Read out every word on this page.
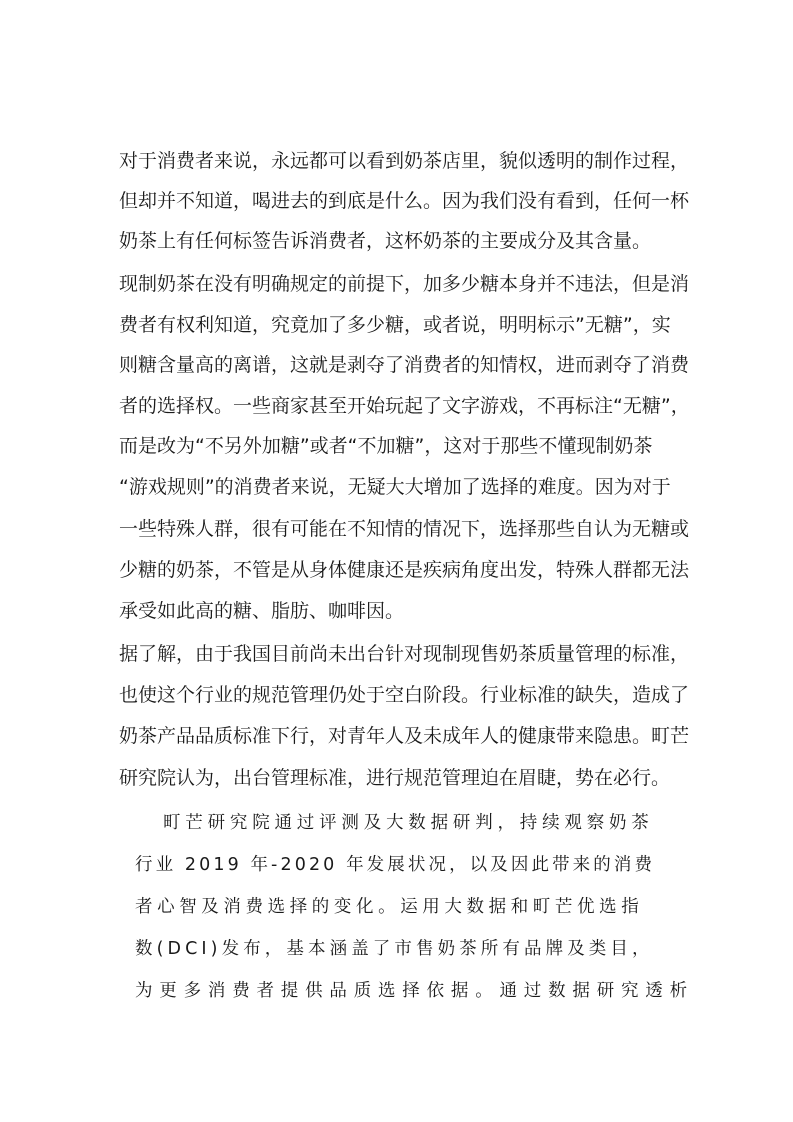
对于消费者来说，永远都可以看到奶茶店里，貌似透明的制作过程，

但却并不知道，喝进去的到底是什么。因为我们没有看到，任何一杯

奶茶上有任何标签告诉消费者，这杯奶茶的主要成分及其含量。

现制奶茶在没有明确规定的前提下，加多少糖本身并不违法，但是消

费者有权利知道，究竟加了多少糖，或者说，明明标示”无糖”，实

则糖含量高的离谱，这就是剥夺了消费者的知情权，进而剥夺了消费

者的选择权。一些商家甚至开始玩起了文字游戏，不再标注“无糖”，

而是改为“不另外加糖”或者“不加糖”，这对于那些不懂现制奶茶

“游戏规则”的消费者来说，无疑大大增加了选择的难度。因为对于

一些特殊人群，很有可能在不知情的情况下，选择那些自认为无糖或

少糖的奶茶，不管是从身体健康还是疾病角度出发，特殊人群都无法

承受如此高的糖、脂肪、咖啡因。

据了解，由于我国目前尚未出台针对现制现售奶茶质量管理的标准，

也使这个行业的规范管理仍处于空白阶段。行业标准的缺失，造成了

奶茶产品品质标准下行，对青年人及未成年人的健康带来隐患。町芒

研究院认为，出台管理标准，进行规范管理迫在眉睫，势在必行。

町芒研究院通过评测及大数据研判，持续观察奶茶

行业 2019 年-2020 年发展状况，以及因此带来的消费

者心智及消费选择的变化。运用大数据和町芒优选指

数(DCI)发布，基本涵盖了市售奶茶所有品牌及类目，

为更多消费者提供品质选择依据。通过数据研究透析
